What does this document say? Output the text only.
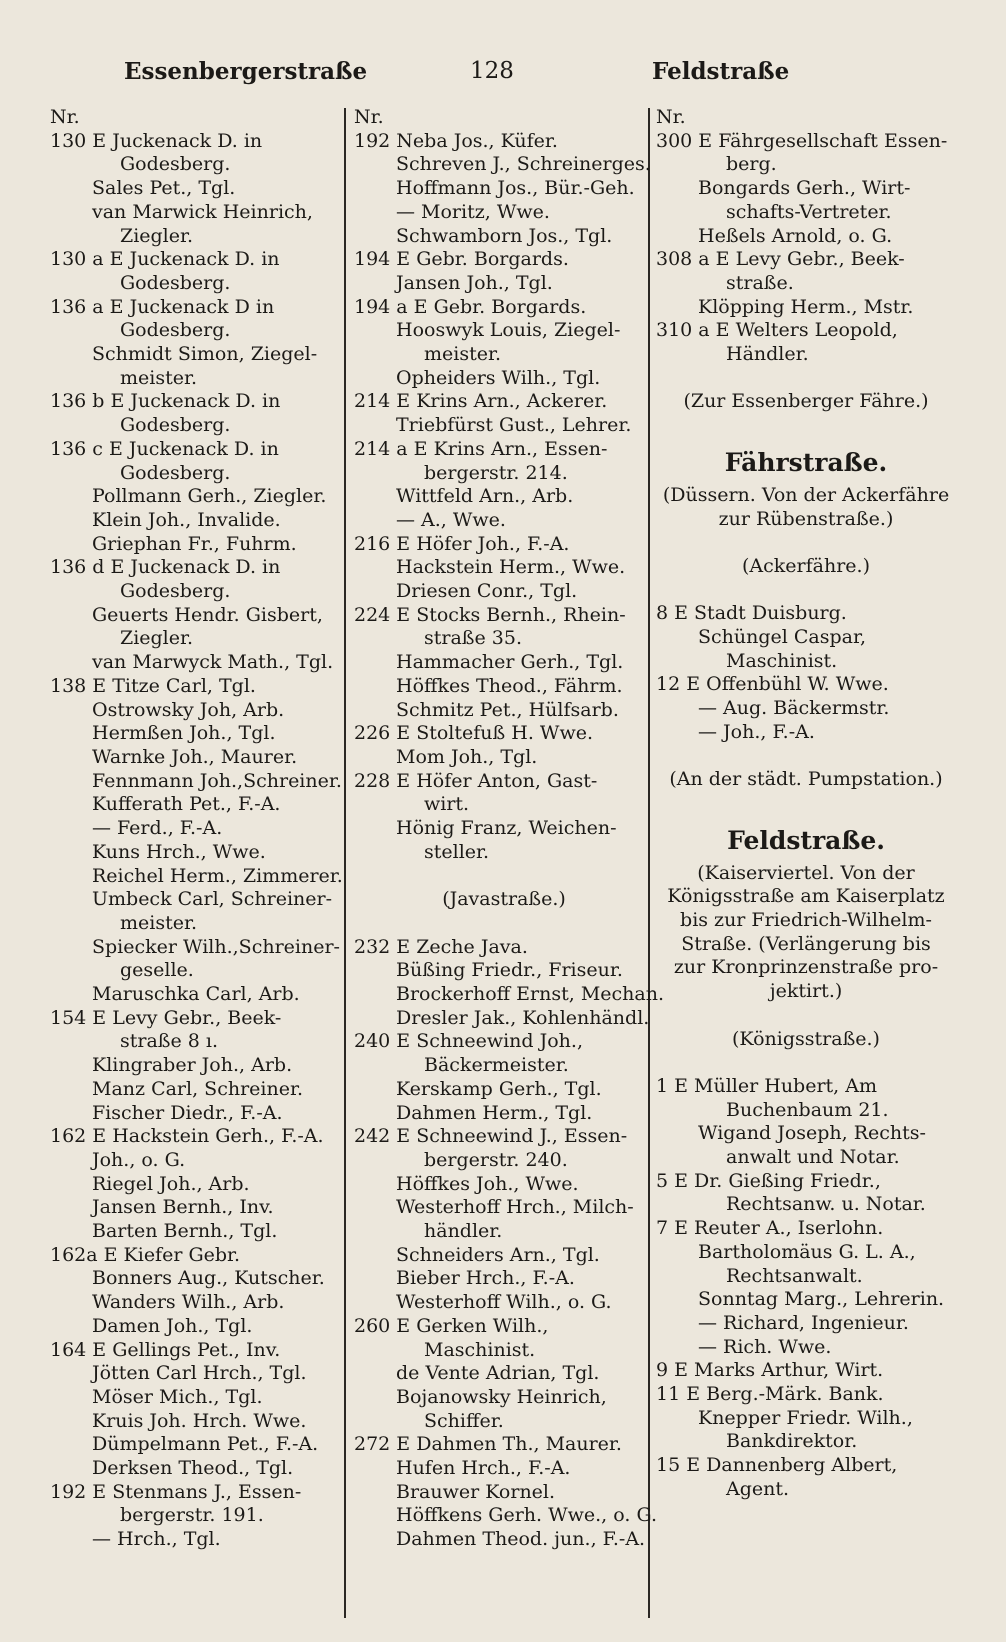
Essenbergerstraße	128	Feldstraße
Nr.
130 E Juckenack D. in
Godesberg.
Sales Pet., Tgl.
van Marwick Heinrich,
Ziegler.
130 a E Juckenack D. in
Godesberg.
136 a E Juckenack D in
Godesberg.
Schmidt Simon, Ziegel-
meister.
136 b E Juckenack D. in
Godesberg.
136 c E Juckenack D. in
Godesberg.
Pollmann Gerh., Ziegler.
Klein Joh., Invalide.
Griephan Fr., Fuhrm.
136 d E Juckenack D. in
Godesberg.
Geuerts Hendr. Gisbert,
Ziegler.
van Marwyck Math., Tgl.
138 E Titze Carl, Tgl.
Ostrowsky Joh, Arb.
Hermßen Joh., Tgl.
Warnke Joh., Maurer.
Fennmann Joh.,Schreiner.
Kufferath Pet., F.-A.
— Ferd., F.-A.
Kuns Hrch., Wwe.
Reichel Herm., Zimmerer.
Umbeck Carl, Schreiner-
meister.
Spiecker Wilh.,Schreiner-
geselle.
Maruschka Carl, Arb.
154 E Levy Gebr., Beek-
straße 8 ı.
Klingraber Joh., Arb.
Manz Carl, Schreiner.
Fischer Diedr., F.-A.
162 E Hackstein Gerh., F.-A.
Joh., o. G.
Riegel Joh., Arb.
Jansen Bernh., Inv.
Barten Bernh., Tgl.
162a E Kiefer Gebr.
Bonners Aug., Kutscher.
Wanders Wilh., Arb.
Damen Joh., Tgl.
164 E Gellings Pet., Inv.
Jötten Carl Hrch., Tgl.
Möser Mich., Tgl.
Kruis Joh. Hrch. Wwe.
Dümpelmann Pet., F.-A.
Derksen Theod., Tgl.
192 E Stenmans J., Essen-
bergerstr. 191.
— Hrch., Tgl.
Nr.
192 Neba Jos., Küfer.
Schreven J., Schreinerges.
Hoffmann Jos., Bür.-Geh.
— Moritz, Wwe.
Schwamborn Jos., Tgl.
194 E Gebr. Borgards.
Jansen Joh., Tgl.
194 a E Gebr. Borgards.
Hooswyk Louis, Ziegel-
meister.
Opheiders Wilh., Tgl.
214 E Krins Arn., Ackerer.
Triebfürst Gust., Lehrer.
214 a E Krins Arn., Essen-
bergerstr. 214.
Wittfeld Arn., Arb.
— A., Wwe.
216 E Höfer Joh., F.-A.
Hackstein Herm., Wwe.
Driesen Conr., Tgl.
224 E Stocks Bernh., Rhein-
straße 35.
Hammacher Gerh., Tgl.
Höffkes Theod., Fährm.
Schmitz Pet., Hülfsarb.
226 E Stoltefuß H. Wwe.
Mom Joh., Tgl.
228 E Höfer Anton, Gast-
wirt.
Hönig Franz, Weichen-
steller.
(Javastraße.)
232 E Zeche Java.
Büßing Friedr., Friseur.
Brockerhoff Ernst, Mechan.
Dresler Jak., Kohlenhändl.
240 E Schneewind Joh.,
Bäckermeister.
Kerskamp Gerh., Tgl.
Dahmen Herm., Tgl.
242 E Schneewind J., Essen-
bergerstr. 240.
Höffkes Joh., Wwe.
Westerhoff Hrch., Milch-
händler.
Schneiders Arn., Tgl.
Bieber Hrch., F.-A.
Westerhoff Wilh., o. G.
260 E Gerken Wilh.,
Maschinist.
de Vente Adrian, Tgl.
Bojanowsky Heinrich,
Schiffer.
272 E Dahmen Th., Maurer.
Hufen Hrch., F.-A.
Brauwer Kornel.
Höffkens Gerh. Wwe., o. G.
Dahmen Theod. jun., F.-A.
Nr.
300 E Fährgesellschaft Essen-
berg.
Bongards Gerh., Wirt-
schafts-Vertreter.
Heßels Arnold, o. G.
308 a E Levy Gebr., Beek-
straße.
Klöpping Herm., Mstr.
310 a E Welters Leopold,
Händler.
(Zur Essenberger Fähre.)
Fährstraße.
(Düssern. Von der Ackerfähre
zur Rübenstraße.)
(Ackerfähre.)
8 E Stadt Duisburg.
Schüngel Caspar,
Maschinist.
12 E Offenbühl W. Wwe.
— Aug. Bäckermstr.
— Joh., F.-A.
(An der städt. Pumpstation.)
Feldstraße.
(Kaiserviertel. Von der
Königsstraße am Kaiserplatz
bis zur Friedrich-Wilhelm-
Straße. (Verlängerung bis
zur Kronprinzenstraße pro-
jektirt.)
(Königsstraße.)
1 E Müller Hubert, Am
Buchenbaum 21.
Wigand Joseph, Rechts-
anwalt und Notar.
5 E Dr. Gießing Friedr.,
Rechtsanw. u. Notar.
7 E Reuter A., Iserlohn.
Bartholomäus G. L. A.,
Rechtsanwalt.
Sonntag Marg., Lehrerin.
— Richard, Ingenieur.
— Rich. Wwe.
9 E Marks Arthur, Wirt.
11 E Berg.-Märk. Bank.
Knepper Friedr. Wilh.,
Bankdirektor.
15 E Dannenberg Albert,
Agent.
